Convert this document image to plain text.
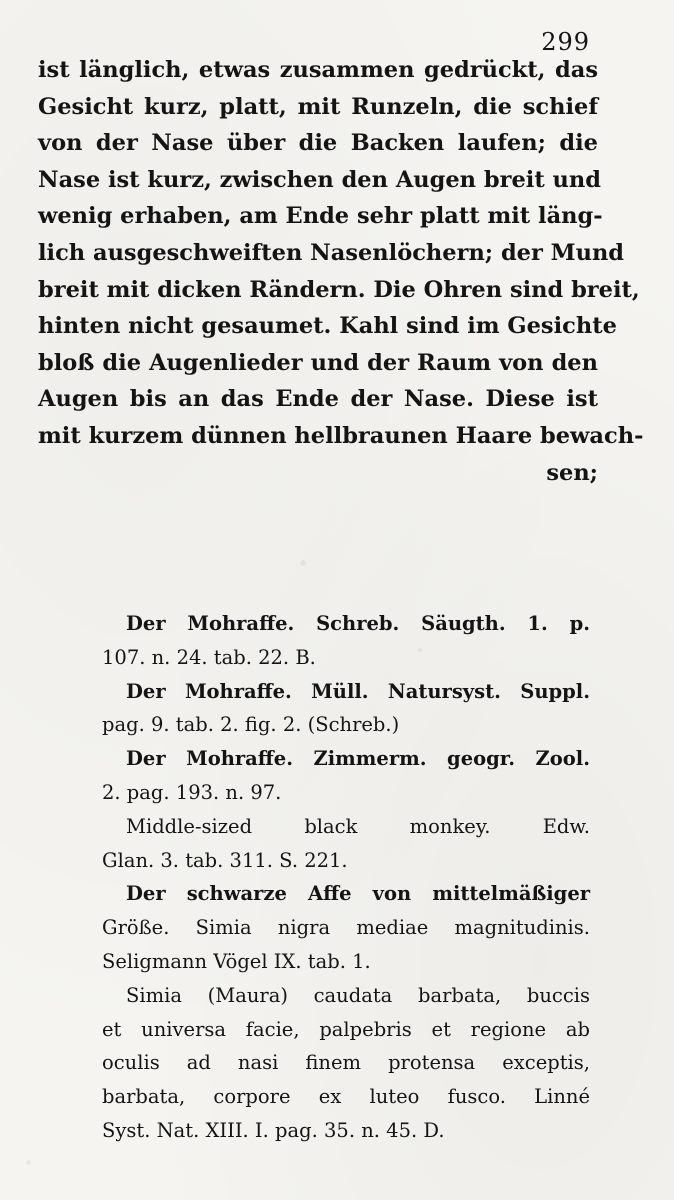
299
ist länglich, etwas zusammen gedrückt, das
Gesicht kurz, platt, mit Runzeln, die schief
von der Nase über die Backen laufen; die
Nase ist kurz, zwischen den Augen breit und
wenig erhaben, am Ende sehr platt mit läng-
lich ausgeschweiften Nasenlöchern; der Mund
breit mit dicken Rändern. Die Ohren sind breit,
hinten nicht gesaumet. Kahl sind im Gesichte
bloß die Augenlieder und der Raum von den
Augen bis an das Ende der Nase. Diese ist
mit kurzem dünnen hellbraunen Haare bewach-
sen;
Der Mohraffe. Schreb. Säugth. 1. p.
107. n. 24. tab. 22. B.
Der Mohraffe. Müll. Natursyst. Suppl.
pag. 9. tab. 2. fig. 2. (Schreb.)
Der Mohraffe. Zimmerm. geogr. Zool.
2. pag. 193. n. 97.
Middle-sized black monkey. Edw.
Glan. 3. tab. 311. S. 221.
Der schwarze Affe von mittelmäßiger
Größe. Simia nigra mediae magnitudinis.
Seligmann Vögel IX. tab. 1.
Simia (Maura) caudata barbata, buccis
et universa facie, palpebris et regione ab
oculis ad nasi finem protensa exceptis,
barbata, corpore ex luteo fusco. Linné
Syst. Nat. XIII. I. pag. 35. n. 45. D.
